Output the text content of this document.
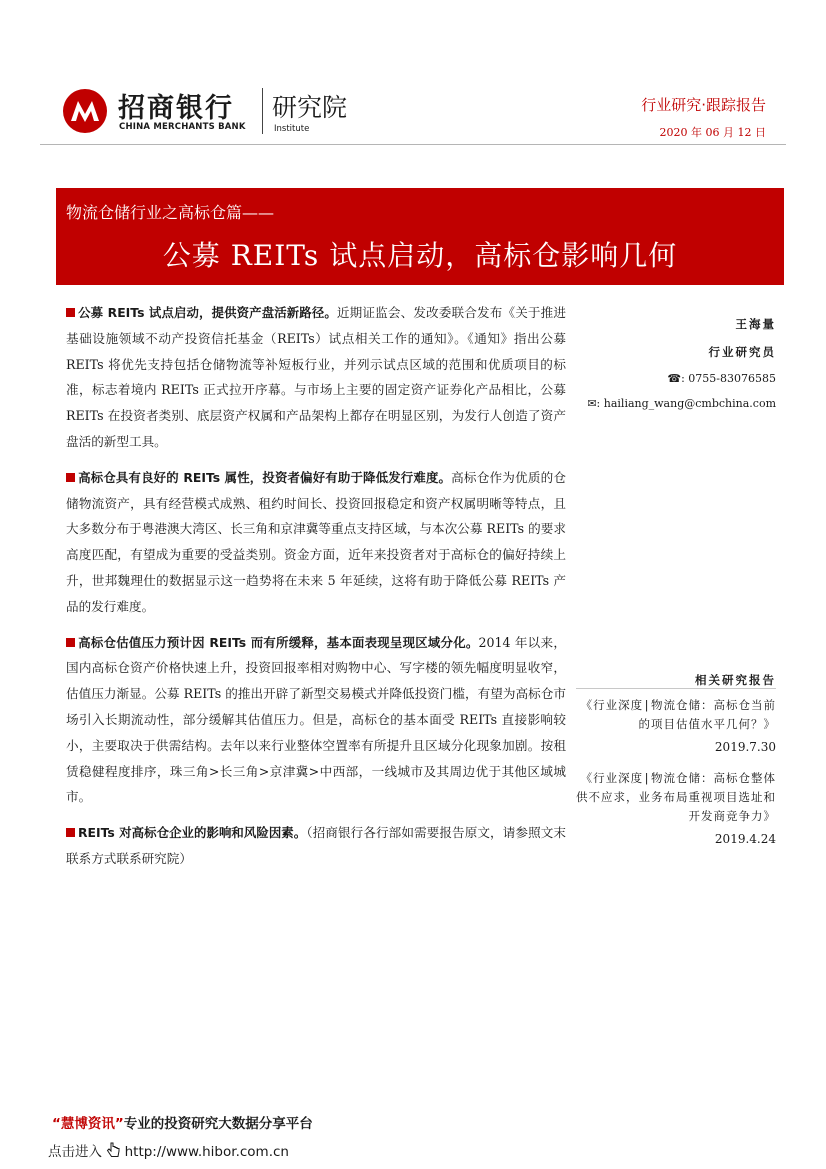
招商银行
CHINA MERCHANTS BANK
研究院
Institute
行业研究·跟踪报告
2020 年 06 月 12 日
物流仓储行业之高标仓篇——
公募 REITs 试点启动，高标仓影响几何

公募 REITs 试点启动，提供资产盘活新路径。近期证监会、发改委联合发布《关于推进基础设施领域不动产投资信托基金（REITs）试点相关工作的通知》。《通知》指出公募 REITs 将优先支持包括仓储物流等补短板行业，并列示试点区域的范围和优质项目的标准，标志着境内 REITs 正式拉开序幕。与市场上主要的固定资产证券化产品相比，公募 REITs 在投资者类别、底层资产权属和产品架构上都存在明显区别，为发行人创造了资产盘活的新型工具。

高标仓具有良好的 REITs 属性，投资者偏好有助于降低发行难度。高标仓作为优质的仓储物流资产，具有经营模式成熟、租约时间长、投资回报稳定和资产权属明晰等特点，且大多数分布于粤港澳大湾区、长三角和京津冀等重点支持区域，与本次公募 REITs 的要求高度匹配，有望成为重要的受益类别。资金方面，近年来投资者对于高标仓的偏好持续上升，世邦魏理仕的数据显示这一趋势将在未来 5 年延续，这将有助于降低公募 REITs 产品的发行难度。

高标仓估值压力预计因 REITs 而有所缓释，基本面表现呈现区域分化。2014 年以来，国内高标仓资产价格快速上升，投资回报率相对购物中心、写字楼的领先幅度明显收窄，估值压力渐显。公募 REITs 的推出开辟了新型交易模式并降低投资门槛，有望为高标仓市场引入长期流动性，部分缓解其估值压力。但是，高标仓的基本面受 REITs 直接影响较小，主要取决于供需结构。去年以来行业整体空置率有所提升且区域分化现象加剧。按租赁稳健程度排序，珠三角>长三角>京津冀>中西部，一线城市及其周边优于其他区域城市。

REITs 对高标仓企业的影响和风险因素。（招商银行各行部如需要报告原文，请参照文末联系方式联系研究院）

王海量
行业研究员
☎: 0755-83076585
✉: hailiang_wang@cmbchina.com
相关研究报告
《行业深度|物流仓储：高标仓当前的项目估值水平几何？》
2019.7.30
《行业深度|物流仓储：高标仓整体供不应求，业务布局重视项目选址和开发商竞争力》
2019.4.24
“慧博资讯”专业的投资研究大数据分享平台
点击进入 http://www.hibor.com.cn
